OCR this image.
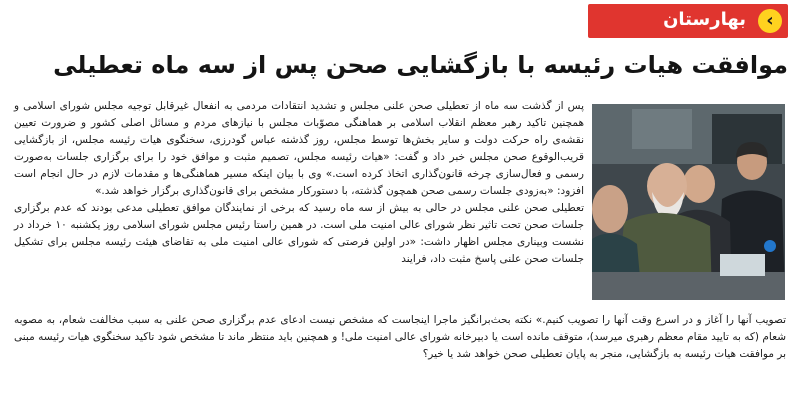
بهارستان	‹
موافقت هیات رئیسه با بازگشایی صحن پس از سه ماه تعطیلی

پس از گذشت سه ماه از تعطیلی صحن علنی مجلس و تشدید انتقادات مردمی به انفعال غیرقابل توجیه مجلس شورای اسلامی و همچنین تاکید رهبر معظم انقلاب اسلامی بر هماهنگی مصوّبات مجلس با نیازهای مردم و مسائل اصلی کشور و ضرورت تعیین نقشه‌ی راه حرکت دولت و سایر بخش‌ها توسط مجلس، روز گذشته عباس گودرزی، سخنگوی هیات رئیسه مجلس، از بازگشایی قریب‌الوقوع صحن مجلس خبر داد و گفت: «هیات رئیسه مجلس، تصمیم مثبت و موافق خود را برای برگزاری جلسات به‌صورت رسمی و فعال‌سازی چرخه قانون‌گذاری اتخاذ کرده است.» وی با بیان اینکه مسیر هماهنگی‌ها و مقدمات لازم در حال انجام است افزود: «به‌زودی جلسات رسمی صحن همچون گذشته، با دستورکار مشخص برای قانون‌گذاری برگزار خواهد شد.»

تعطیلی صحن علنی مجلس در حالی به بیش از سه ماه رسید که برخی از نمایندگان موافق تعطیلی مدعی بودند که عدم برگزاری جلسات صحن تحت تاثیر نظر شورای عالی امنیت ملی است. در همین راستا رئیس مجلس شورای اسلامی روز یکشنبه ۱۰ خرداد در نشست وبیناری مجلس اظهار داشت: «در اولین فرصتی که شورای عالی امنیت ملی به تقاضای هیئت رئیسه مجلس برای تشکیل جلسات صحن علنی پاسخ مثبت داد، فرایند

تصویب آنها را آغاز و در اسرع وقت آنها را تصویب کنیم.» نکته بحث‌برانگیز ماجرا اینجاست که مشخص نیست ادعای عدم برگزاری صحن علنی به سبب مخالفت شعام، به مصوبه شعام (که به تایید مقام معظم رهبری میرسد)، متوقف مانده است یا دبیرخانه شورای عالی امنیت ملی! و همچنین باید منتظر ماند تا مشخص شود تاکید سخنگوی هیات رئیسه مبنی بر موافقت هیات رئیسه به بازگشایی، منجر به پایان تعطیلی صحن خواهد شد یا خیر؟
